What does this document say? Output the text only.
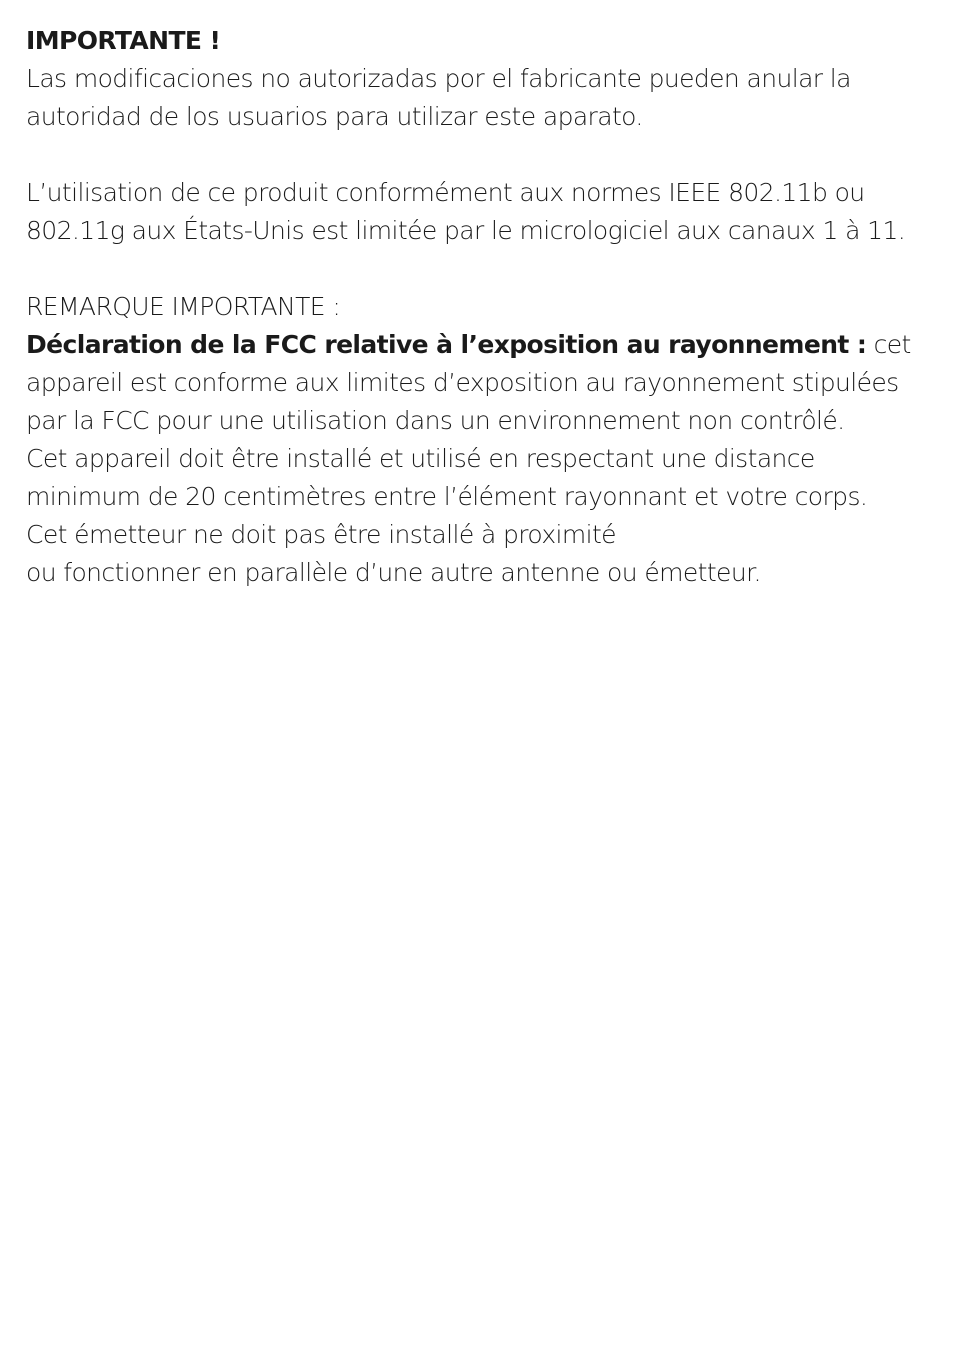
IMPORTANTE !
Las modificaciones no autorizadas por el fabricante pueden anular la
autoridad de los usuarios para utilizar este aparato.
L’utilisation de ce produit conformément aux normes IEEE 802.11b ou
802.11g aux États-Unis est limitée par le micrologiciel aux canaux 1 à 11.
REMARQUE IMPORTANTE :
Déclaration de la FCC relative à l’exposition au rayonnement : cet
appareil est conforme aux limites d’exposition au rayonnement stipulées
par la FCC pour une utilisation dans un environnement non contrôlé.
Cet appareil doit être installé et utilisé en respectant une distance
minimum de 20 centimètres entre l’élément rayonnant et votre corps.
Cet émetteur ne doit pas être installé à proximité
ou fonctionner en parallèle d’une autre antenne ou émetteur.
